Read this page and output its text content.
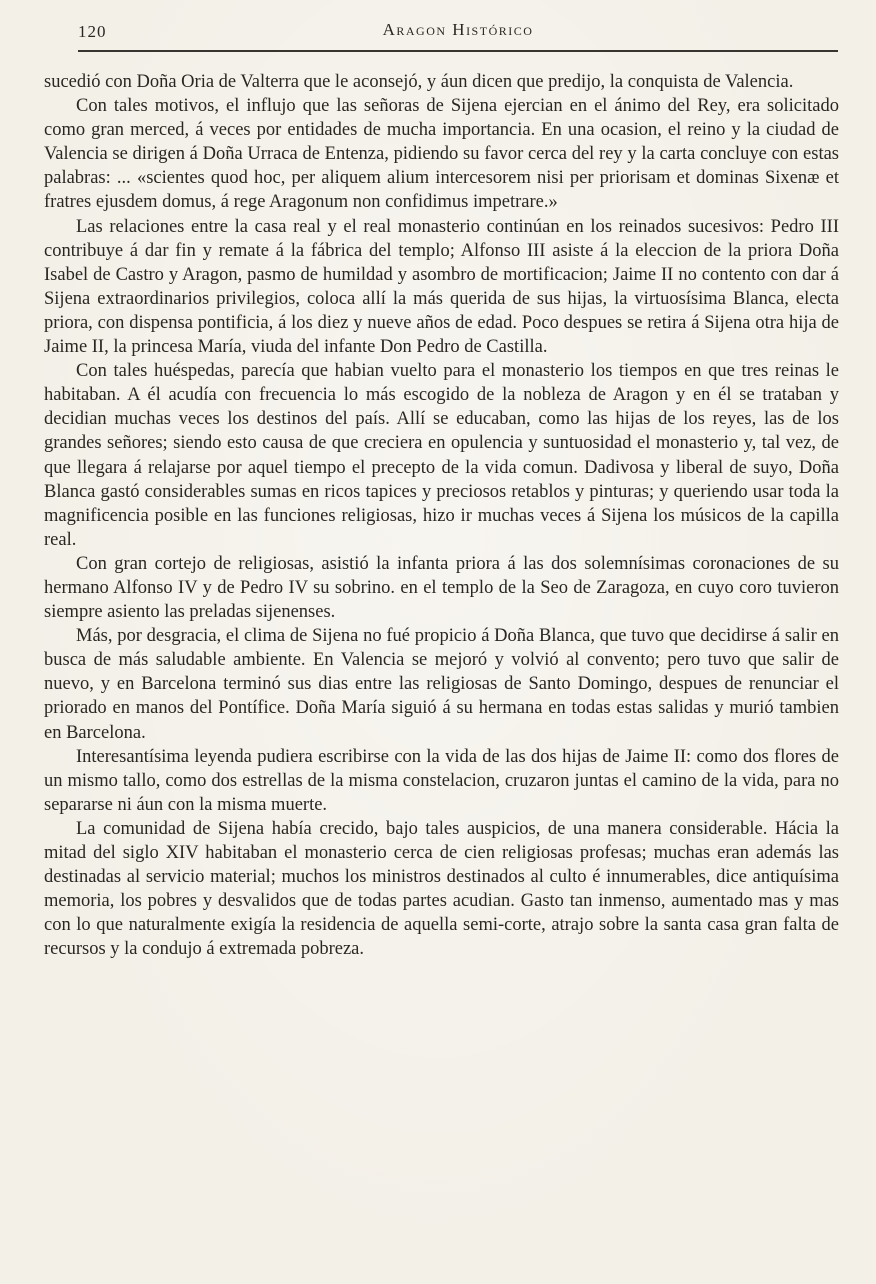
120	Aragon Histórico

sucedió con Doña Oria de Valterra que le aconsejó, y áun dicen que predijo, la conquista de Valencia.

Con tales motivos, el influjo que las señoras de Sijena ejercian en el ánimo del Rey, era solicitado como gran merced, á veces por entidades de mucha importancia. En una ocasion, el reino y la ciudad de Valencia se dirigen á Doña Urraca de Entenza, pidiendo su favor cerca del rey y la carta concluye con estas palabras: ... «scientes quod hoc, per aliquem alium intercesorem nisi per priorisam et dominas Sixenæ et fratres ejusdem domus, á rege Aragonum non confidimus impetrare.»

Las relaciones entre la casa real y el real monasterio continúan en los reinados sucesivos: Pedro III contribuye á dar fin y remate á la fábrica del templo; Alfonso III asiste á la eleccion de la priora Doña Isabel de Castro y Aragon, pasmo de humildad y asombro de mortificacion; Jaime II no contento con dar á Sijena extraordinarios privilegios, coloca allí la más querida de sus hijas, la virtuosísima Blanca, electa priora, con dispensa pontificia, á los diez y nueve años de edad. Poco despues se retira á Sijena otra hija de Jaime II, la princesa María, viuda del infante Don Pedro de Castilla.

Con tales huéspedas, parecía que habian vuelto para el monasterio los tiempos en que tres reinas le habitaban. A él acudía con frecuencia lo más escogido de la nobleza de Aragon y en él se trataban y decidian muchas veces los destinos del país. Allí se educaban, como las hijas de los reyes, las de los grandes señores; siendo esto causa de que creciera en opulencia y suntuosidad el monasterio y, tal vez, de que llegara á relajarse por aquel tiempo el precepto de la vida comun. Dadivosa y liberal de suyo, Doña Blanca gastó considerables sumas en ricos tapices y preciosos retablos y pinturas; y queriendo usar toda la magnificencia posible en las funciones religiosas, hizo ir muchas veces á Sijena los músicos de la capilla real.

Con gran cortejo de religiosas, asistió la infanta priora á las dos solemnísimas coronaciones de su hermano Alfonso IV y de Pedro IV su sobrino. en el templo de la Seo de Zaragoza, en cuyo coro tuvieron siempre asiento las preladas sijenenses.

Más, por desgracia, el clima de Sijena no fué propicio á Doña Blanca, que tuvo que decidirse á salir en busca de más saludable ambiente. En Valencia se mejoró y volvió al convento; pero tuvo que salir de nuevo, y en Barcelona terminó sus dias entre las religiosas de Santo Domingo, despues de renunciar el priorado en manos del Pontífice. Doña María siguió á su hermana en todas estas salidas y murió tambien en Barcelona.

Interesantísima leyenda pudiera escribirse con la vida de las dos hijas de Jaime II: como dos flores de un mismo tallo, como dos estrellas de la misma constelacion, cruzaron juntas el camino de la vida, para no separarse ni áun con la misma muerte.

La comunidad de Sijena había crecido, bajo tales auspicios, de una manera considerable. Hácia la mitad del siglo XIV habitaban el monasterio cerca de cien religiosas profesas; muchas eran además las destinadas al servicio material; muchos los ministros destinados al culto é innumerables, dice antiquísima memoria, los pobres y desvalidos que de todas partes acudian. Gasto tan inmenso, aumentado mas y mas con lo que naturalmente exigía la residencia de aquella semi-corte, atrajo sobre la santa casa gran falta de recursos y la condujo á extremada pobreza.
